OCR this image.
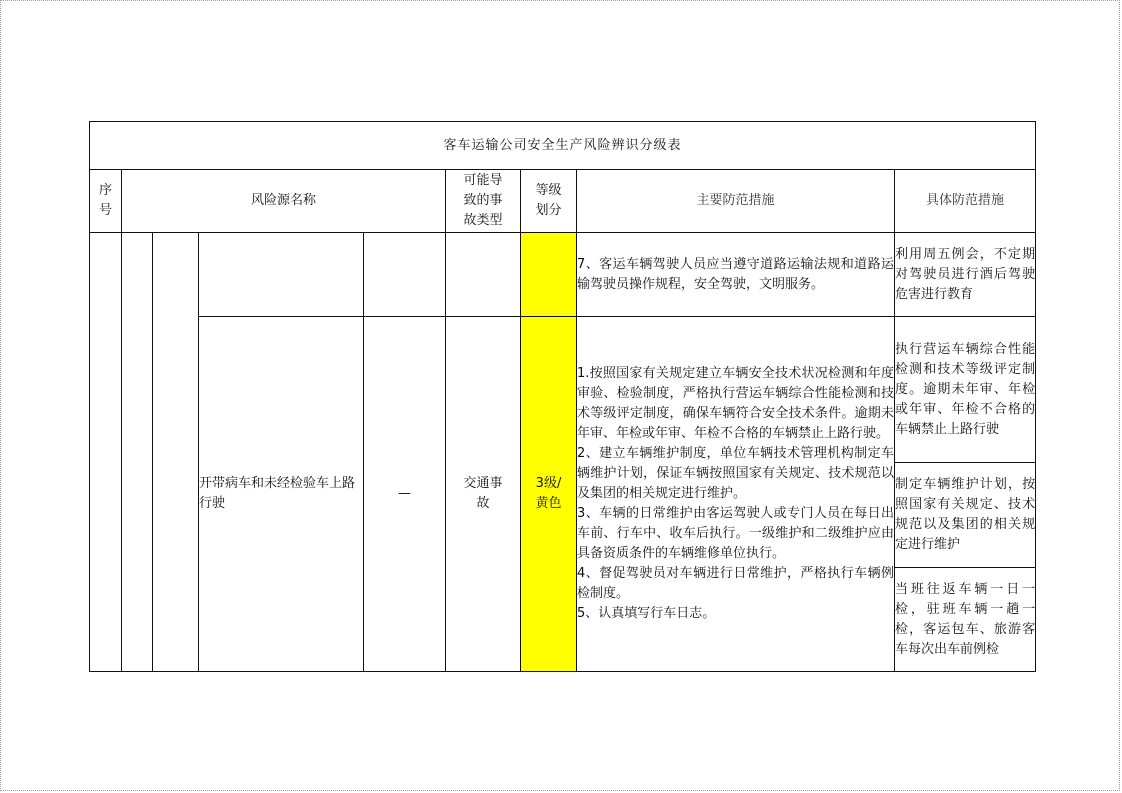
客车运输公司安全生产风险辨识分级表								

序号	风险源名称				可能导致的事故类型	等级划分	主要防范措施	具体防范措施
							7、客运车辆驾驶人员应当遵守道路运输法规和道路运输驾驶员操作规程，安全驾驶，文明服务。	利用周五例会，不定期对驾驶员进行酒后驾驶危害进行教育
			开带病车和未经检验车上路行驶	—	交通事故	3级/黄色	1.按照国家有关规定建立车辆安全技术状况检测和年度审验、检验制度，严格执行营运车辆综合性能检测和技术等级评定制度，确保车辆符合安全技术条件。逾期未年审、年检或年审、年检不合格的车辆禁止上路行驶。
2、建立车辆维护制度，单位车辆技术管理机构制定车辆维护计划，保证车辆按照国家有关规定、技术规范以及集团的相关规定进行维护。
3、车辆的日常维护由客运驾驶人或专门人员在每日出车前、行车中、收车后执行。一级维护和二级维护应由具备资质条件的车辆维修单位执行。
4、督促驾驶员对车辆进行日常维护，严格执行车辆例检制度。
5、认真填写行车日志。	执行营运车辆综合性能检测和技术等级评定制度。逾期未年审、年检或年审、年检不合格的车辆禁止上路行驶
								制定车辆维护计划，按照国家有关规定、技术规范以及集团的相关规定进行维护
								当班往返车辆一日一检，驻班车辆一趟一检，客运包车、旅游客车每次出车前例检
